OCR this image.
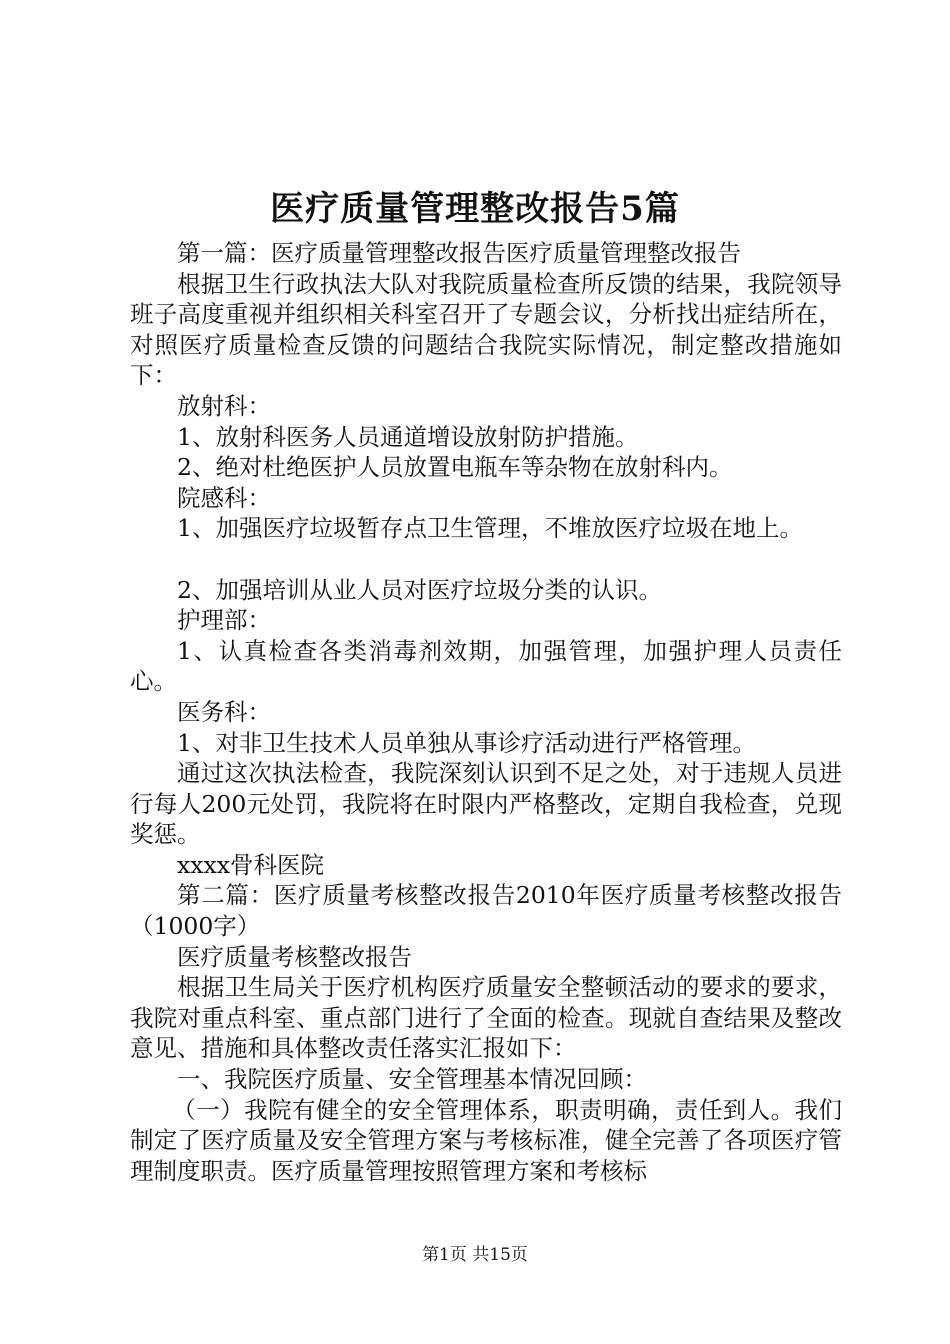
医疗质量管理整改报告5篇

第一篇：医疗质量管理整改报告医疗质量管理整改报告

根据卫生行政执法大队对我院质量检查所反馈的结果，我院领导班子高度重视并组织相关科室召开了专题会议，分析找出症结所在，对照医疗质量检查反馈的问题结合我院实际情况，制定整改措施如下：

放射科：

1、放射科医务人员通道增设放射防护措施。

2、绝对杜绝医护人员放置电瓶车等杂物在放射科内。

院感科：

1、加强医疗垃圾暂存点卫生管理，不堆放医疗垃圾在地上。

2、加强培训从业人员对医疗垃圾分类的认识。

护理部：

1、认真检查各类消毒剂效期，加强管理，加强护理人员责任心。

医务科：

1、对非卫生技术人员单独从事诊疗活动进行严格管理。

通过这次执法检查，我院深刻认识到不足之处，对于违规人员进行每人200元处罚，我院将在时限内严格整改，定期自我检查，兑现奖惩。

xxxx骨科医院

第二篇：医疗质量考核整改报告2010年医疗质量考核整改报告（1000字）

医疗质量考核整改报告

根据卫生局关于医疗机构医疗质量安全整顿活动的要求的要求，我院对重点科室、重点部门进行了全面的检查。现就自查结果及整改意见、措施和具体整改责任落实汇报如下：

一、我院医疗质量、安全管理基本情况回顾：

（一）我院有健全的安全管理体系，职责明确，责任到人。我们制定了医疗质量及安全管理方案与考核标准，健全完善了各项医疗管理制度职责。医疗质量管理按照管理方案和考核标

第1页 共15页
